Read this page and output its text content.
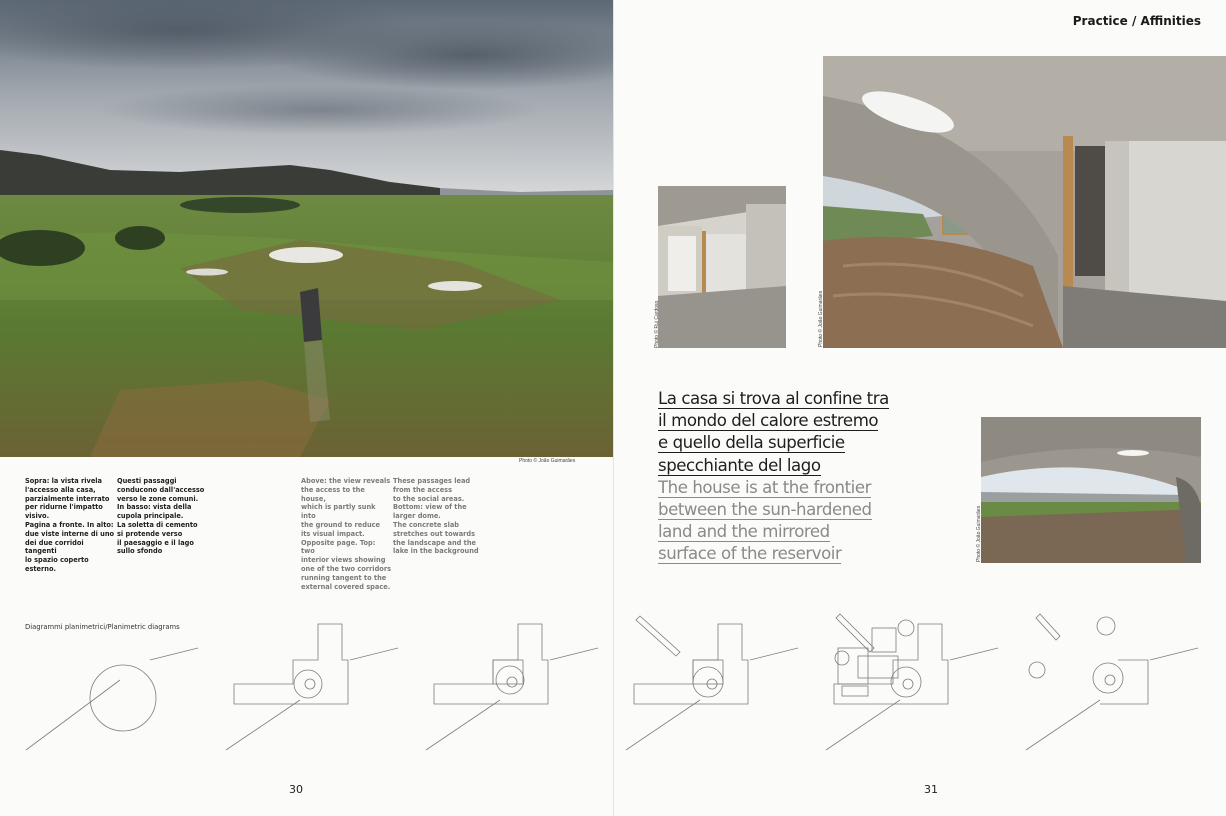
Photo © João Guimarães
Sopra: la vista rivela
l'accesso alla casa,
parzialmente interrato
per ridurne l'impatto
visivo.
Pagina a fronte. In alto:
due viste interne di uno
dei due corridoi tangenti
lo spazio coperto
esterno.
Questi passaggi
conducono dall'accesso
verso le zone comuni.
In basso: vista della
cupola principale.
La soletta di cemento
si protende verso
il paesaggio e il lago
sullo sfondo
Above: the view reveals
the access to the house,
which is partly sunk into
the ground to reduce
its visual impact.
Opposite page. Top: two
interior views showing
one of the two corridors
running tangent to the
external covered space.
These passages lead
from the access
to the social areas.
Bottom: view of the
larger dome.
The concrete slab
stretches out towards
the landscape and the
lake in the background
Practice / Affinities
Photo © Rui Cardoso	Photo © João Guimarães
La casa si trova al confine tra
il mondo del calore estremo
e quello della superficie
specchiante del lago
The house is at the frontier
between the sun-hardened
land and the mirrored
surface of the reservoir	Photo © João Guimarães
Diagrammi planimetrici/Planimetric diagrams
30	31
